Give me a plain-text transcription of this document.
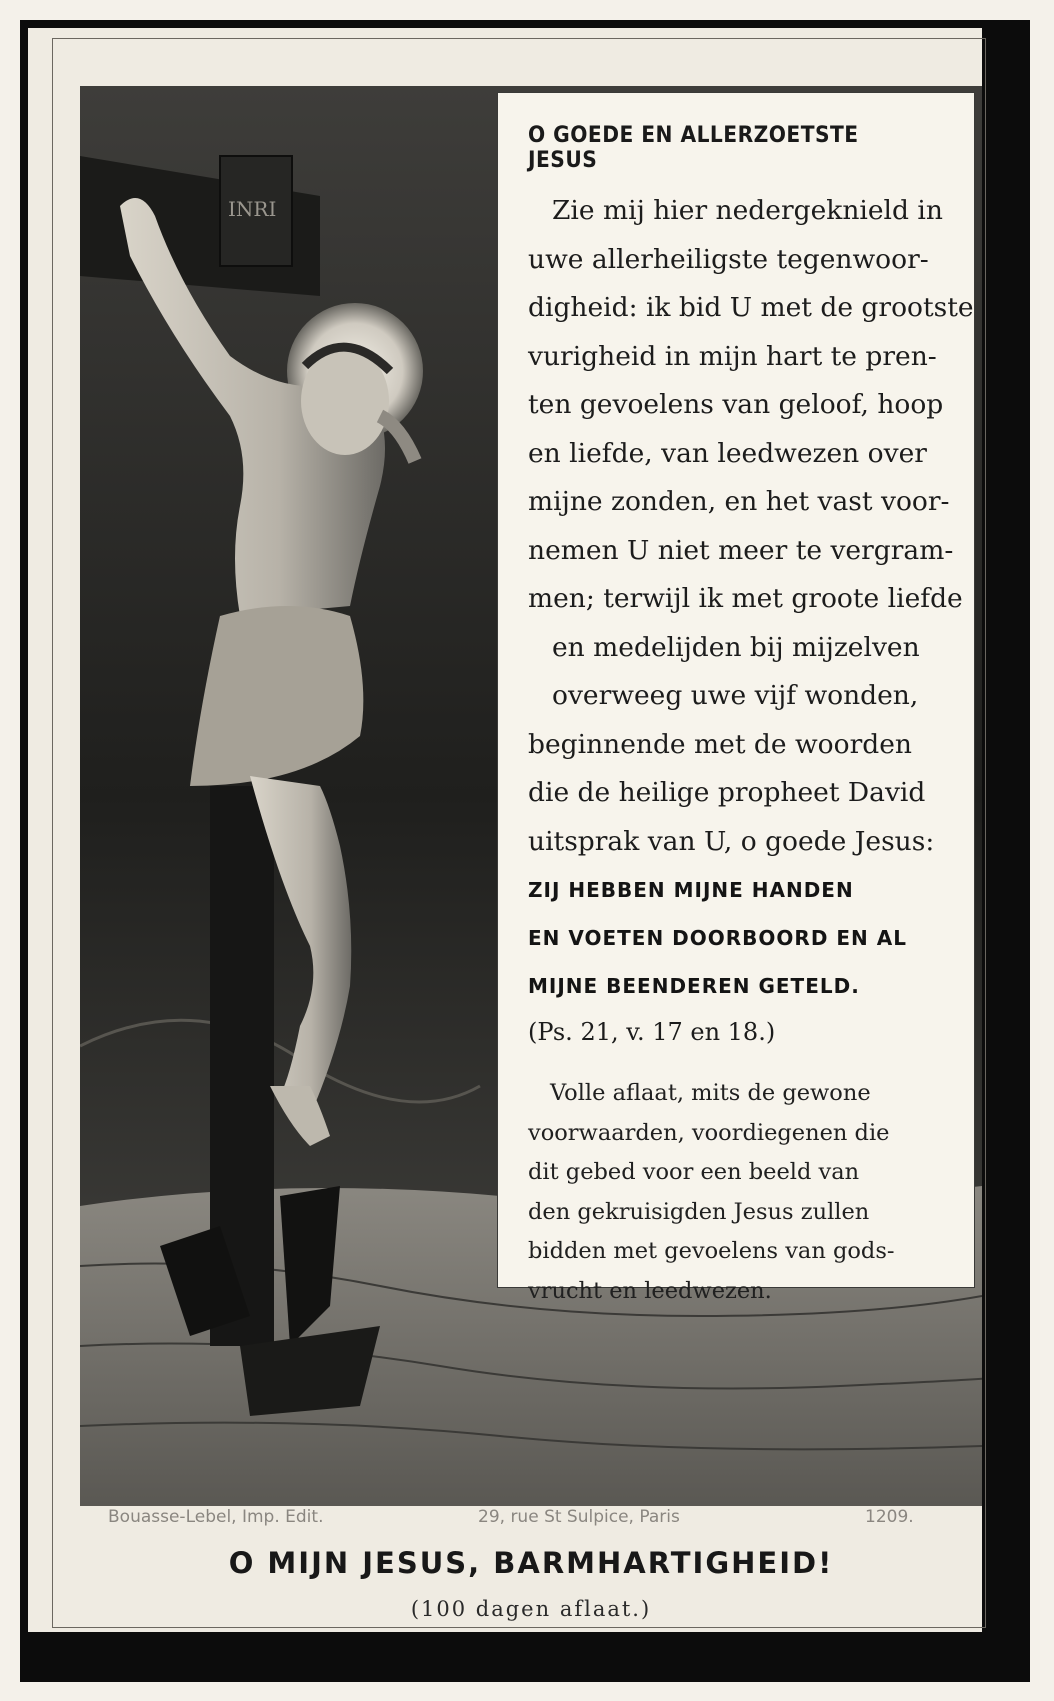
INRI
O GOEDE EN ALLERZOETSTE JESUS

Zie mij hier nedergeknield in

uwe allerheiligste tegenwoor-

digheid: ik bid U met de grootste

vurigheid in mijn hart te pren-

ten gevoelens van geloof, hoop

en liefde, van leedwezen over

mijne zonden, en het vast voor-

nemen U niet meer te vergram-

men; terwijl ik met groote liefde

en medelijden bij mijzelven

overweeg uwe vijf wonden,

beginnende met de woorden

die de heilige propheet David

uitsprak van U, o goede Jesus:

ZIJ HEBBEN MIJNE HANDEN

EN VOETEN DOORBOORD EN AL

MIJNE BEENDEREN GETELD.

(Ps. 21, v. 17 en 18.)

Volle aflaat, mits de gewone

voorwaarden, voordiegenen die

dit gebed voor een beeld van

den gekruisigden Jesus zullen

bidden met gevoelens van gods-

vrucht en leedwezen.

Bouasse-Lebel, Imp. Edit.	29, rue St Sulpice, Paris	1209.
O MIJN JESUS, BARMHARTIGHEID!
(100 dagen aflaat.)
